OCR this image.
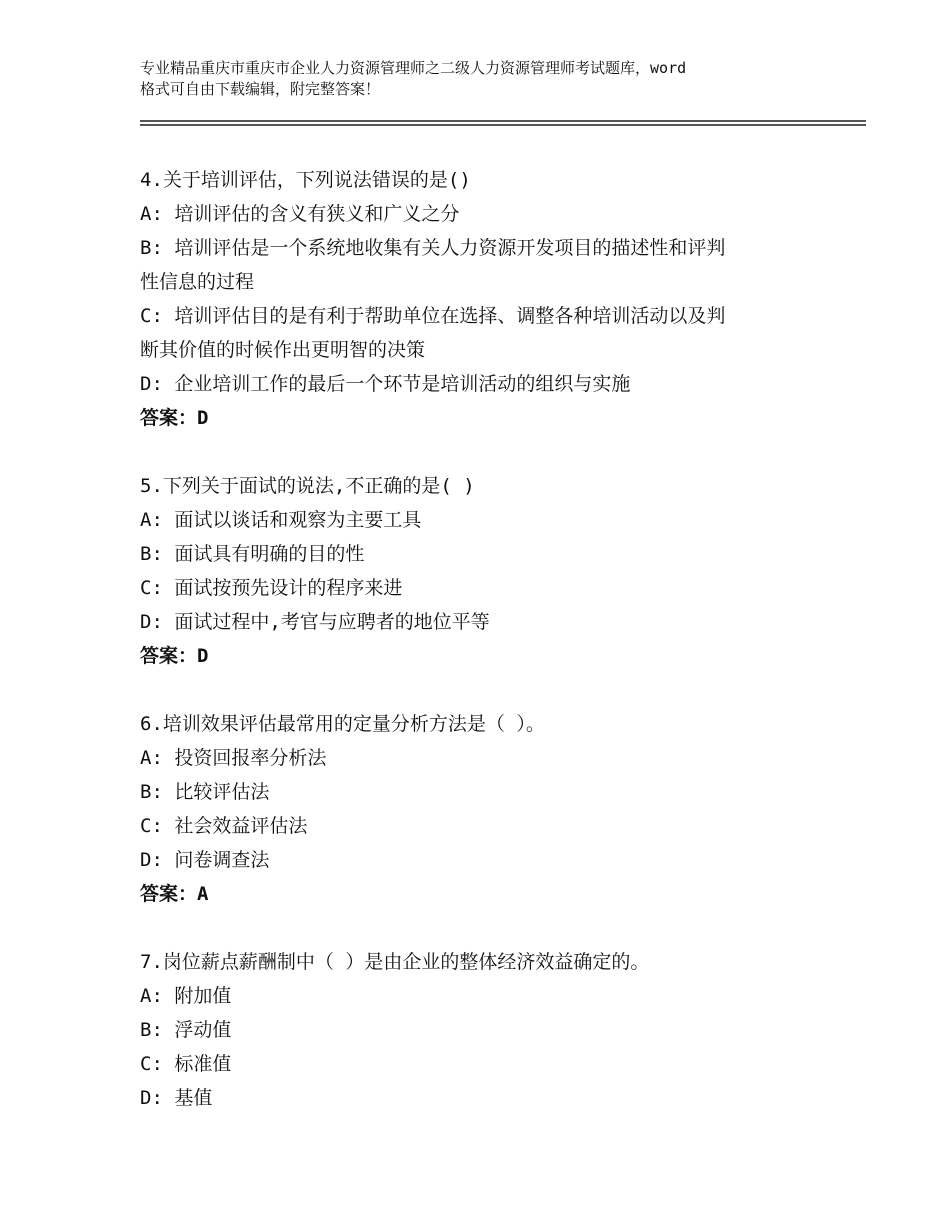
专业精品重庆市重庆市企业人力资源管理师之二级人力资源管理师考试题库，word
格式可自由下载编辑，附完整答案！
4.关于培训评估，下列说法错误的是()
A: 培训评估的含义有狭义和广义之分
B: 培训评估是一个系统地收集有关人力资源开发项目的描述性和评判
性信息的过程
C: 培训评估目的是有利于帮助单位在选择、调整各种培训活动以及判
断其价值的时候作出更明智的决策
D: 企业培训工作的最后一个环节是培训活动的组织与实施
答案：D
5.下列关于面试的说法,不正确的是( )
A: 面试以谈话和观察为主要工具
B: 面试具有明确的目的性
C: 面试按预先设计的程序来进
D: 面试过程中,考官与应聘者的地位平等
答案：D
6.培训效果评估最常用的定量分析方法是（ ）。
A: 投资回报率分析法
B: 比较评估法
C: 社会效益评估法
D: 问卷调查法
答案：A
7.岗位薪点薪酬制中（ ）是由企业的整体经济效益确定的。
A: 附加值
B: 浮动值
C: 标准值
D: 基值
